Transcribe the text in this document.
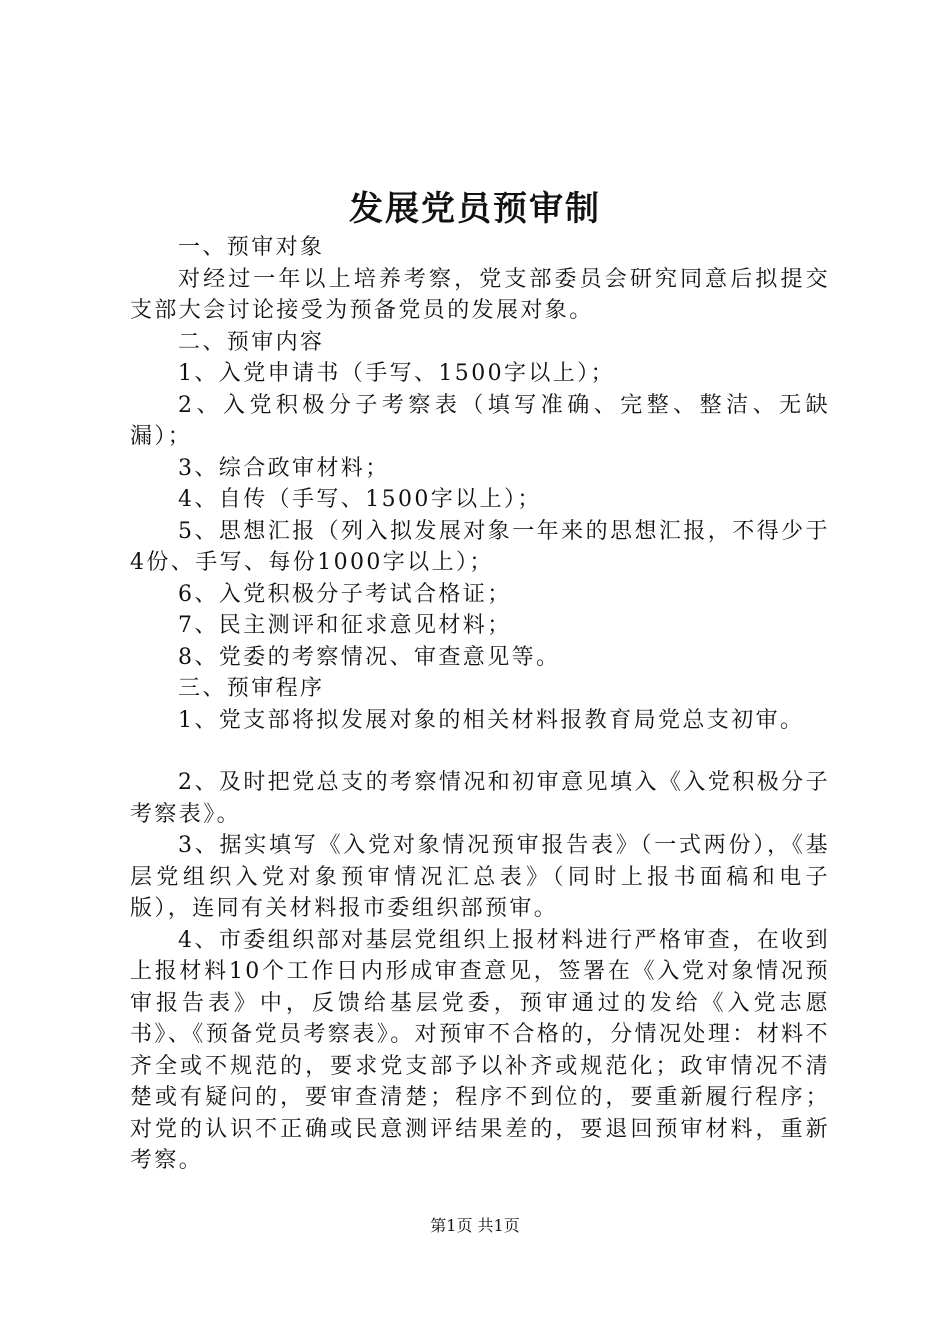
发展党员预审制

一、预审对象

对经过一年以上培养考察，党支部委员会研究同意后拟提交支部大会讨论接受为预备党员的发展对象。

二、预审内容

1、入党申请书（手写、1500字以上）；

2、入党积极分子考察表（填写准确、完整、整洁、无缺漏）；

3、综合政审材料；

4、自传（手写、1500字以上）；

5、思想汇报（列入拟发展对象一年来的思想汇报，不得少于4份、手写、每份1000字以上）；

6、入党积极分子考试合格证；

7、民主测评和征求意见材料；

8、党委的考察情况、审查意见等。

三、预审程序

1、党支部将拟发展对象的相关材料报教育局党总支初审。

2、及时把党总支的考察情况和初审意见填入《入党积极分子考察表》。

3、据实填写《入党对象情况预审报告表》（一式两份），《基层党组织入党对象预审情况汇总表》（同时上报书面稿和电子版），连同有关材料报市委组织部预审。

4、市委组织部对基层党组织上报材料进行严格审查，在收到上报材料10个工作日内形成审查意见，签署在《入党对象情况预审报告表》中，反馈给基层党委，预审通过的发给《入党志愿书》、《预备党员考察表》。对预审不合格的，分情况处理：材料不齐全或不规范的，要求党支部予以补齐或规范化；政审情况不清楚或有疑问的，要审查清楚；程序不到位的，要重新履行程序；对党的认识不正确或民意测评结果差的，要退回预审材料，重新考察。

第1页 共1页
